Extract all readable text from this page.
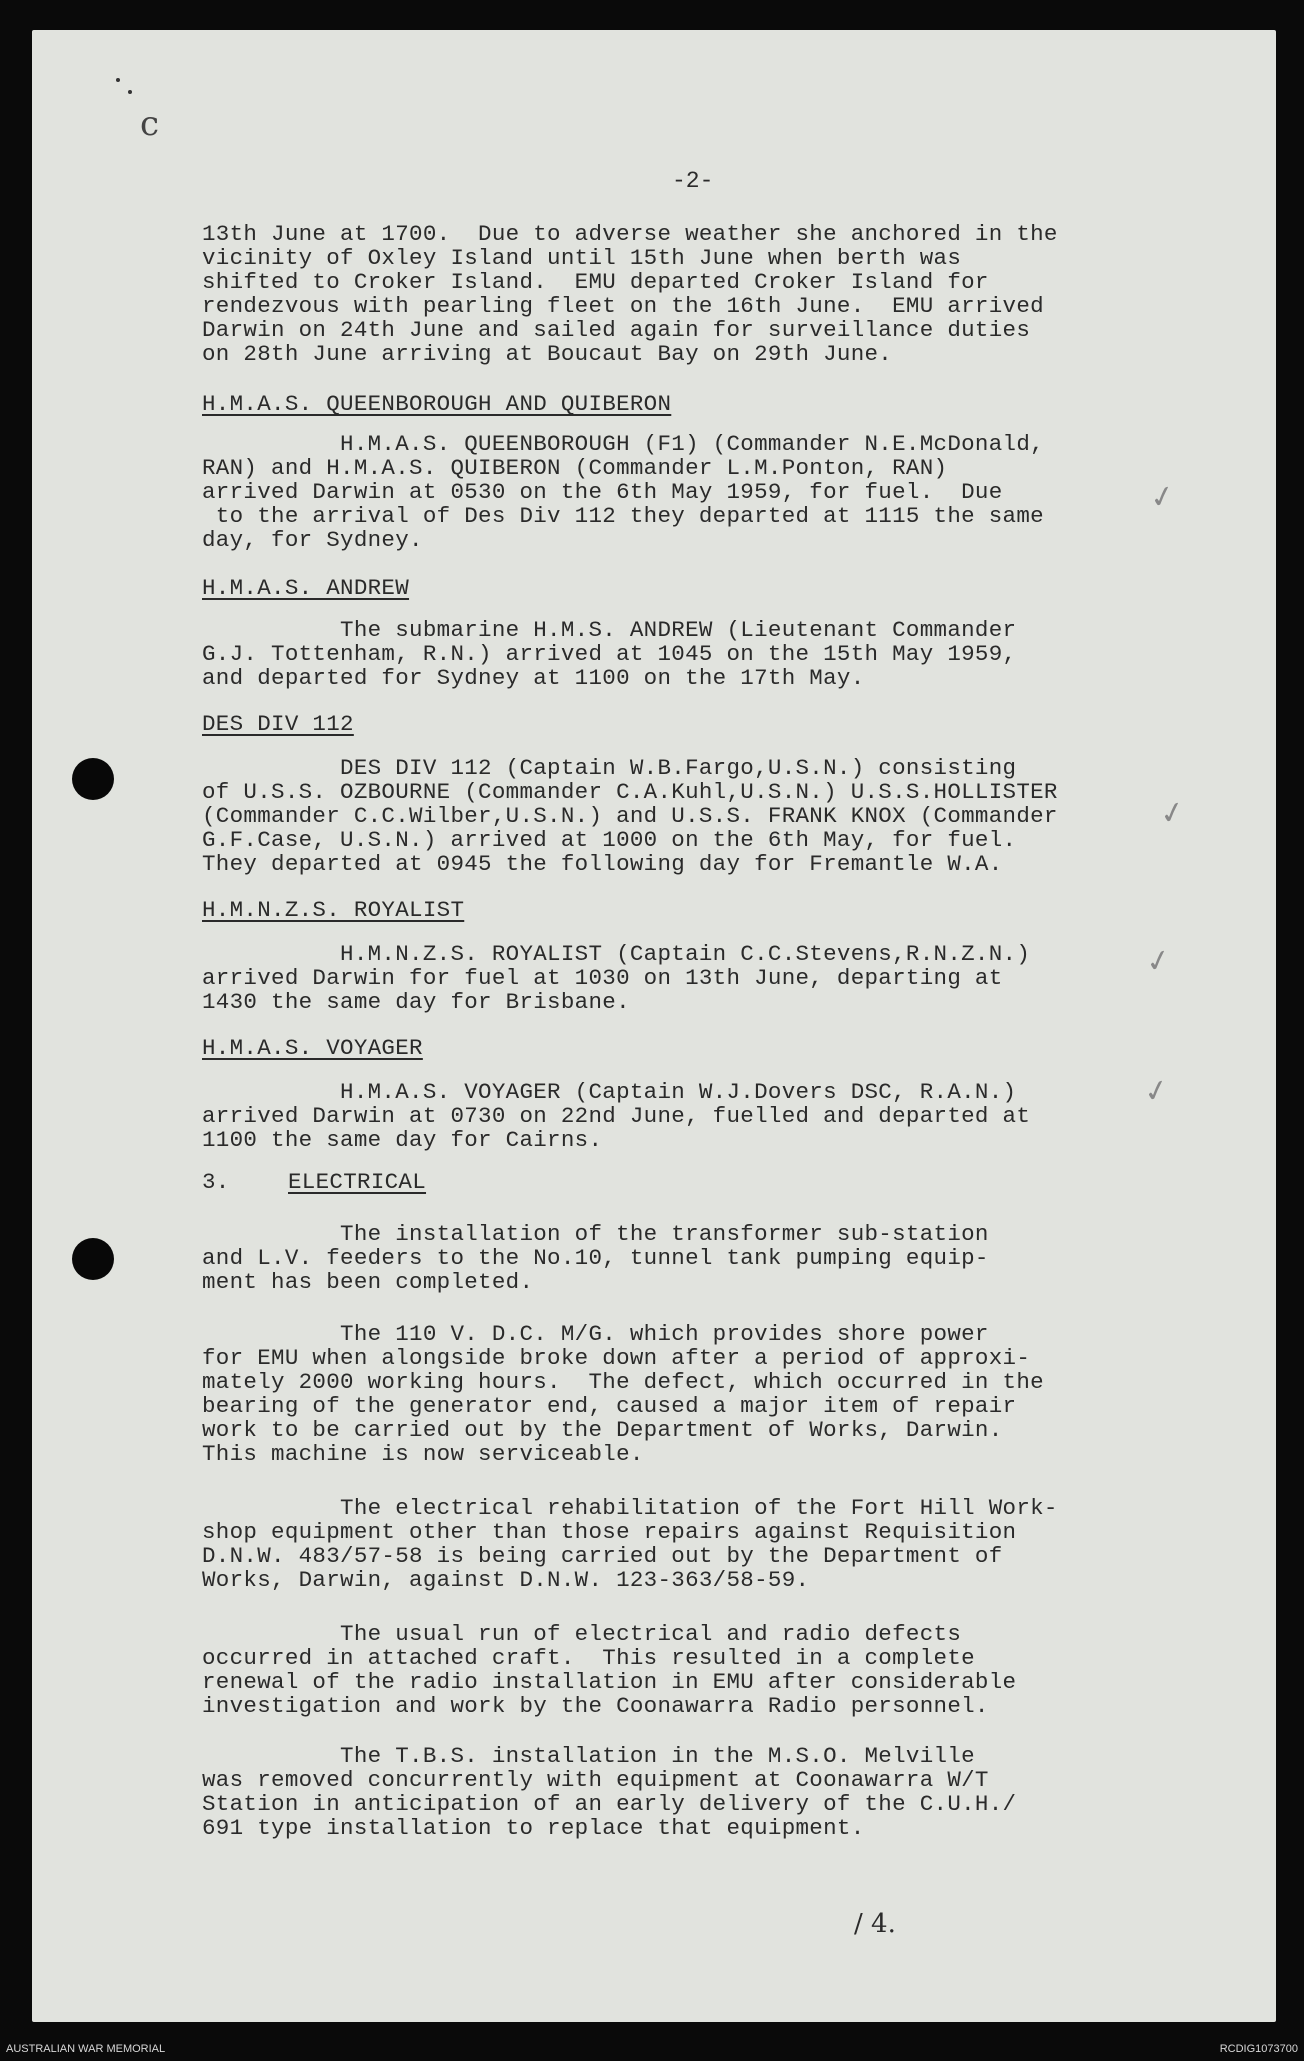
c
-2-
13th June at 1700.  Due to adverse weather she anchored in the
vicinity of Oxley Island until 15th June when berth was
shifted to Croker Island.  EMU departed Croker Island for
rendezvous with pearling fleet on the 16th June.  EMU arrived
Darwin on 24th June and sailed again for surveillance duties
on 28th June arriving at Boucaut Bay on 29th June.
H.M.A.S. QUEENBOROUGH AND QUIBERON
H.M.A.S. QUEENBOROUGH (F1) (Commander N.E.McDonald,
RAN) and H.M.A.S. QUIBERON (Commander L.M.Ponton, RAN)
arrived Darwin at 0530 on the 6th May 1959, for fuel.  Due
to the arrival of Des Div 112 they departed at 1115 the same
day, for Sydney.
H.M.A.S. ANDREW
The submarine H.M.S. ANDREW (Lieutenant Commander
G.J. Tottenham, R.N.) arrived at 1045 on the 15th May 1959,
and departed for Sydney at 1100 on the 17th May.
DES DIV 112
DES DIV 112 (Captain W.B.Fargo,U.S.N.) consisting
of U.S.S. OZBOURNE (Commander C.A.Kuhl,U.S.N.) U.S.S.HOLLISTER
(Commander C.C.Wilber,U.S.N.) and U.S.S. FRANK KNOX (Commander
G.F.Case, U.S.N.) arrived at 1000 on the 6th May, for fuel.
They departed at 0945 the following day for Fremantle W.A.
H.M.N.Z.S. ROYALIST
H.M.N.Z.S. ROYALIST (Captain C.C.Stevens,R.N.Z.N.)
arrived Darwin for fuel at 1030 on 13th June, departing at
1430 the same day for Brisbane.
H.M.A.S. VOYAGER
H.M.A.S. VOYAGER (Captain W.J.Dovers DSC, R.A.N.)
arrived Darwin at 0730 on 22nd June, fuelled and departed at
1100 the same day for Cairns.
3.	ELECTRICAL
The installation of the transformer sub-station
and L.V. feeders to the No.10, tunnel tank pumping equip-
ment has been completed.
The 110 V. D.C. M/G. which provides shore power
for EMU when alongside broke down after a period of approxi-
mately 2000 working hours.  The defect, which occurred in the
bearing of the generator end, caused a major item of repair
work to be carried out by the Department of Works, Darwin.
This machine is now serviceable.
The electrical rehabilitation of the Fort Hill Work-
shop equipment other than those repairs against Requisition
D.N.W. 483/57-58 is being carried out by the Department of
Works, Darwin, against D.N.W. 123-363/58-59.
The usual run of electrical and radio defects
occurred in attached craft.  This resulted in a complete
renewal of the radio installation in EMU after considerable
investigation and work by the Coonawarra Radio personnel.
The T.B.S. installation in the M.S.O. Melville
was removed concurrently with equipment at Coonawarra W/T
Station in anticipation of an early delivery of the C.U.H./
691 type installation to replace that equipment.
✓
✓
✓
✓
/ 4.
AUSTRALIAN WAR MEMORIAL	RCDIG1073700
